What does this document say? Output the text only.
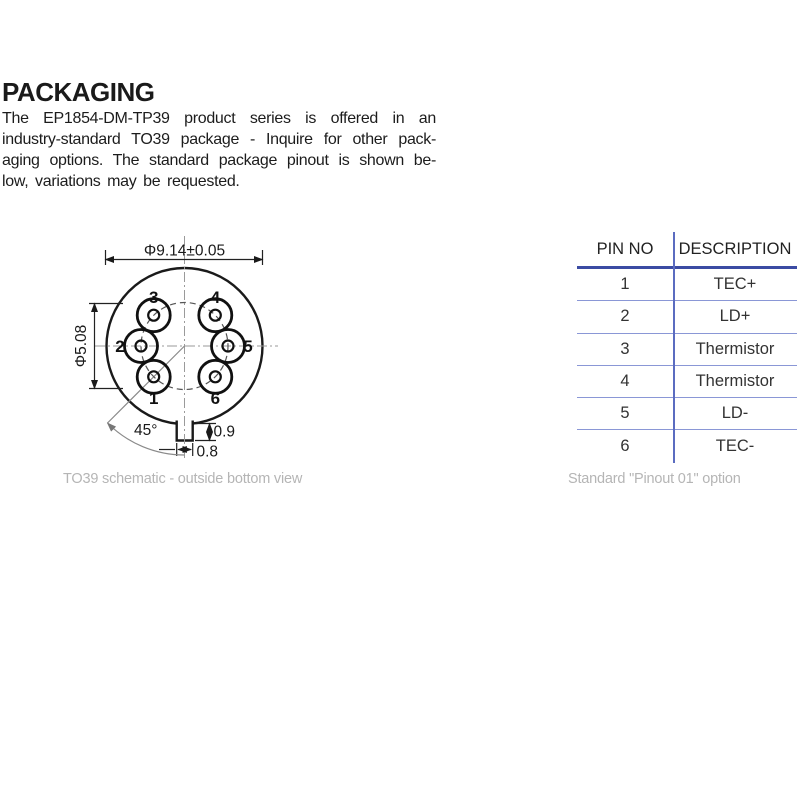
PACKAGING
The EP1854-DM-TP39 product series is offered in an
industry-standard TO39 package - Inquire for other pack-
aging options. The standard package pinout is shown be-
low, variations may be requested.
1
2
3	4
5
6
Φ9.14±0.05
Φ5.08
0.9
0.8
45°
TO39 schematic - outside bottom view	Standard "Pinout 01" option
PIN NO	DESCRIPTION
1	TEC+
2	LD+
3	Thermistor
4	Thermistor
5	LD-
6	TEC-
